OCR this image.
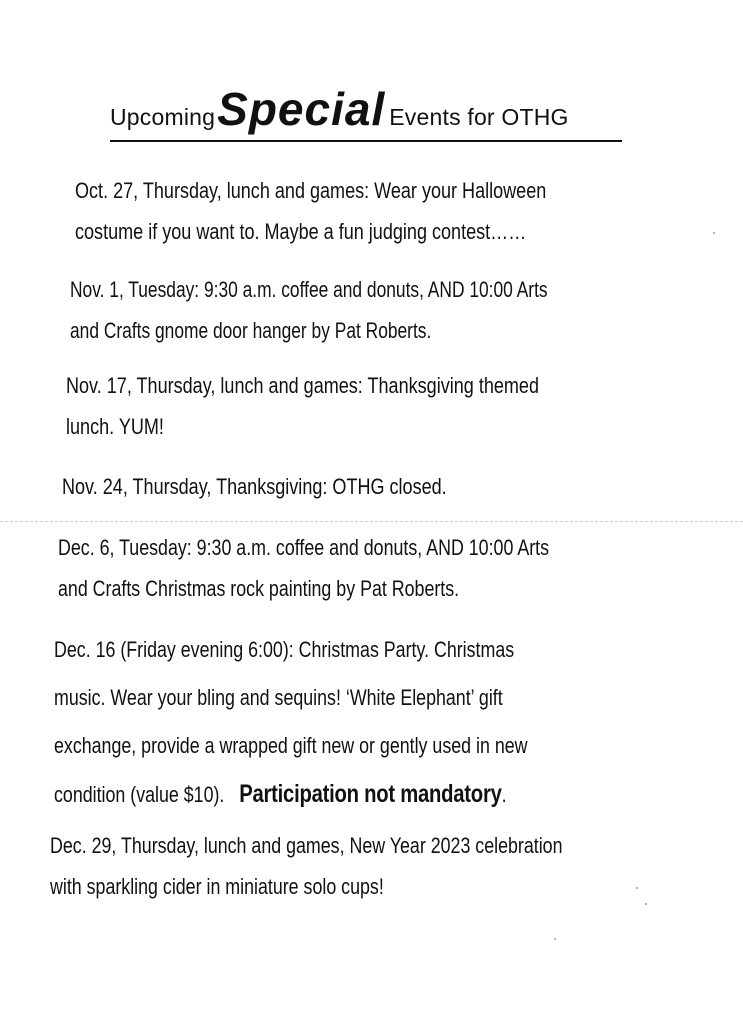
UpcomingSpecial Events for OTHG

Oct. 27, Thursday, lunch and games: Wear your Halloween

costume if you want to. Maybe a fun judging contest……

Nov. 1, Tuesday: 9:30 a.m. coffee and donuts, AND 10:00 Arts

and Crafts gnome door hanger by Pat Roberts.

Nov. 17, Thursday, lunch and games: Thanksgiving themed

lunch. YUM!

Nov. 24, Thursday, Thanksgiving: OTHG closed.

Dec. 6, Tuesday: 9:30 a.m. coffee and donuts, AND 10:00 Arts

and Crafts Christmas rock painting by Pat Roberts.

Dec. 16 (Friday evening 6:00): Christmas Party. Christmas

music. Wear your bling and sequins! ‘White Elephant’ gift

exchange, provide a wrapped gift new or gently used in new

condition (value $10). Participation not mandatory.

Dec. 29, Thursday, lunch and games, New Year 2023 celebration

with sparkling cider in miniature solo cups!
